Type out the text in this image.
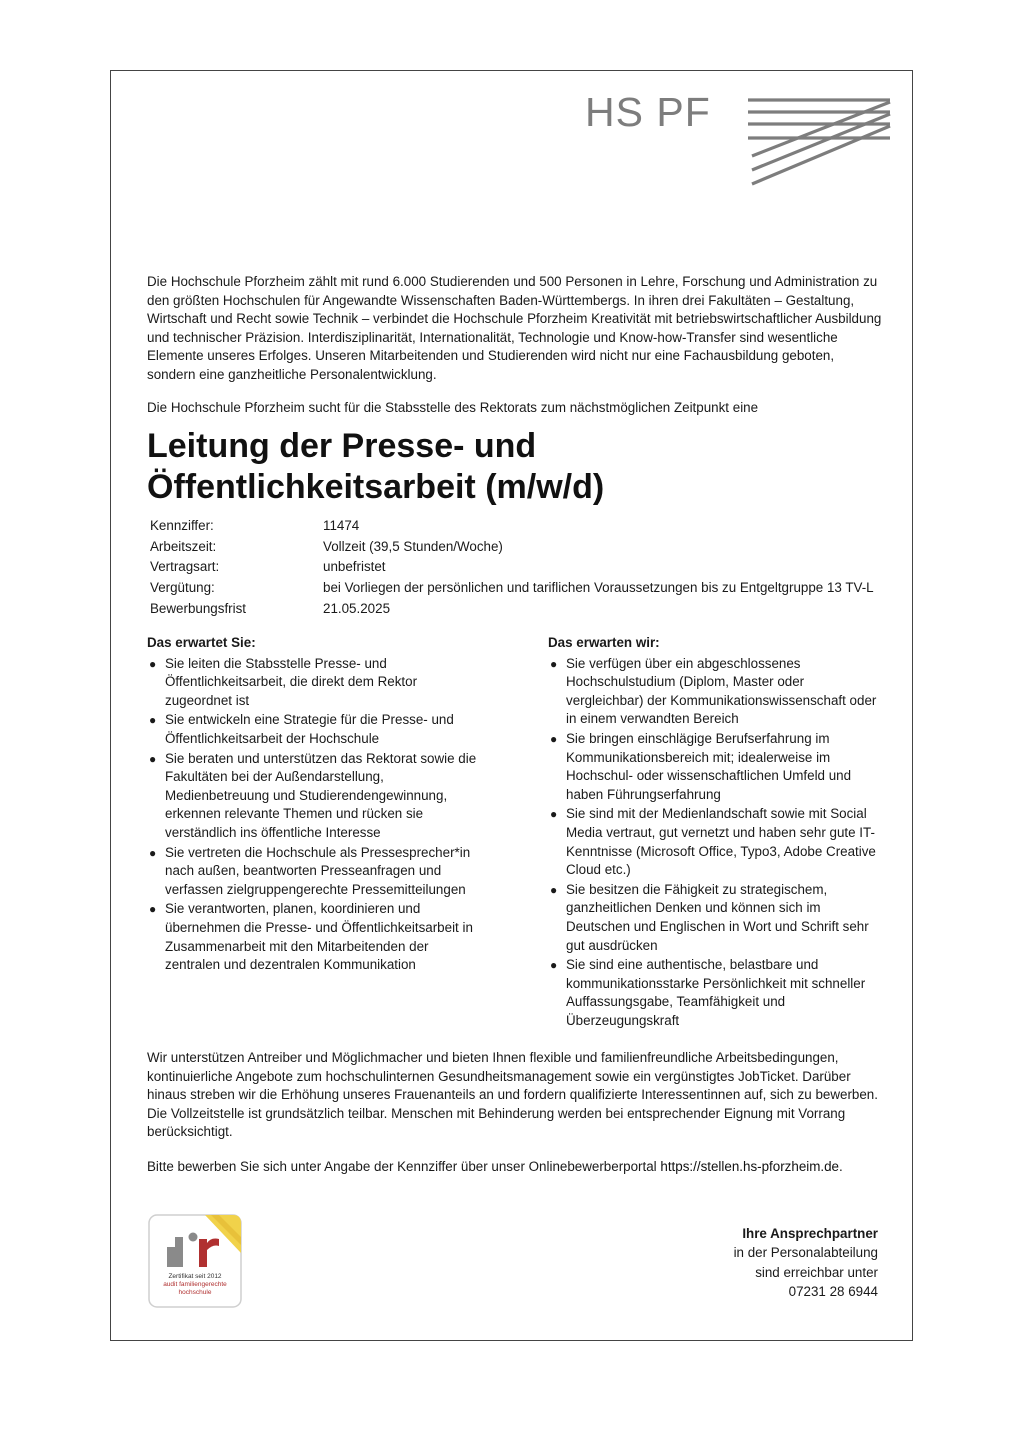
HS PF

Die Hochschule Pforzheim zählt mit rund 6.000 Studierenden und 500 Personen in Lehre, Forschung und Administration zu den größten Hochschulen für Angewandte Wissenschaften Baden-Württembergs. In ihren drei Fakultäten – Gestaltung, Wirtschaft und Recht sowie Technik – verbindet die Hochschule Pforzheim Kreativität mit betriebswirtschaftlicher Ausbildung und technischer Präzision. Interdisziplinarität, Internationalität, Technologie und Know-how-Transfer sind wesentliche Elemente unseres Erfolges. Unseren Mitarbeitenden und Studierenden wird nicht nur eine Fachausbildung geboten, sondern eine ganzheitliche Personalentwicklung.

Die Hochschule Pforzheim sucht für die Stabsstelle des Rektorats zum nächstmöglichen Zeitpunkt eine

Leitung der Presse- und
Öffentlichkeitsarbeit (m/w/d)
Kennziffer:	11474
Arbeitszeit:	Vollzeit (39,5 Stunden/Woche)
Vertragsart:	unbefristet
Vergütung:	bei Vorliegen der persönlichen und tariflichen Voraussetzungen bis zu Entgeltgruppe 13 TV-L
Bewerbungsfrist	21.05.2025
Das erwartet Sie:
● Sie leiten die Stabsstelle Presse- und Öffentlichkeitsarbeit, die direkt dem Rektor zugeordnet ist
● Sie entwickeln eine Strategie für die Presse- und Öffentlichkeitsarbeit der Hochschule
● Sie beraten und unterstützen das Rektorat sowie die Fakultäten bei der Außendarstellung, Medienbetreuung und Studierendengewinnung, erkennen relevante Themen und rücken sie verständlich ins öffentliche Interesse
● Sie vertreten die Hochschule als Pressesprecher*in nach außen, beantworten Presseanfragen und verfassen zielgruppengerechte Pressemitteilungen
● Sie verantworten, planen, koordinieren und übernehmen die Presse- und Öffentlichkeitsarbeit in Zusammenarbeit mit den Mitarbeitenden der zentralen und dezentralen Kommunikation
Das erwarten wir:
● Sie verfügen über ein abgeschlossenes Hochschulstudium (Diplom, Master oder vergleichbar) der Kommunikationswissenschaft oder in einem verwandten Bereich
● Sie bringen einschlägige Berufserfahrung im Kommunikationsbereich mit; idealerweise im Hochschul- oder wissenschaftlichen Umfeld und haben Führungserfahrung
● Sie sind mit der Medienlandschaft sowie mit Social Media vertraut, gut vernetzt und haben sehr gute IT-Kenntnisse (Microsoft Office, Typo3, Adobe Creative Cloud etc.)
● Sie besitzen die Fähigkeit zu strategischem, ganzheitlichen Denken und können sich im Deutschen und Englischen in Wort und Schrift sehr gut ausdrücken
● Sie sind eine authentische, belastbare und kommunikationsstarke Persönlichkeit mit schneller Auffassungsgabe, Teamfähigkeit und Überzeugungskraft

Wir unterstützen Antreiber und Möglichmacher und bieten Ihnen flexible und familienfreundliche Arbeitsbedingungen, kontinuierliche Angebote zum hochschulinternen Gesundheitsmanagement sowie ein vergünstigtes JobTicket. Darüber hinaus streben wir die Erhöhung unseres Frauenanteils an und fordern qualifizierte Interessentinnen auf, sich zu bewerben. Die Vollzeitstelle ist grundsätzlich teilbar. Menschen mit Behinderung werden bei entsprechender Eignung mit Vorrang berücksichtigt.

Bitte bewerben Sie sich unter Angabe der Kennziffer über unser Onlinebewerberportal https://stellen.hs-pforzheim.de.

Zertifikat seit 2012
audit familiengerechte
hochschule
Ihre Ansprechpartner
in der Personalabteilung
sind erreichbar unter
07231 28 6944
